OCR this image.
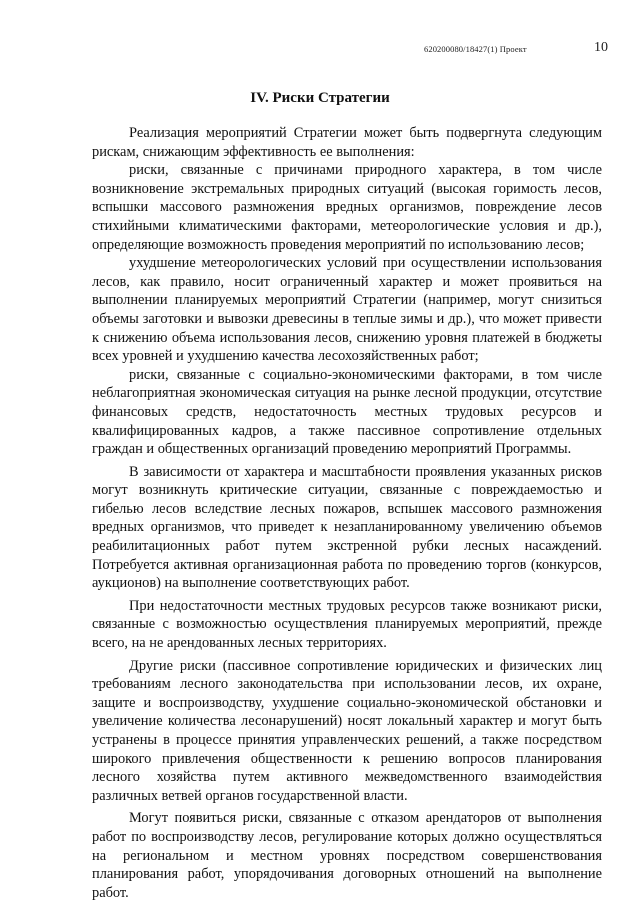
620200080/18427(1) Проект	10
IV. Риски Стратегии

Реализация мероприятий Стратегии может быть подвергнута следующим рискам, снижающим эффективность ее выполнения:

риски, связанные с причинами природного характера, в том числе возникновение экстремальных природных ситуаций (высокая горимость лесов, вспышки массового размножения вредных организмов, повреждение лесов стихийными климатическими факторами, метеорологические условия и др.), определяющие возможность проведения мероприятий по использованию лесов;

ухудшение метеорологических условий при осуществлении использования лесов, как правило, носит ограниченный характер и может проявиться на выполнении планируемых мероприятий Стратегии (например, могут снизиться объемы заготовки и вывозки древесины в теплые зимы и др.), что может привести к снижению объема использования лесов, снижению уровня платежей в бюджеты всех уровней и ухудшению качества лесохозяйственных работ;

риски, связанные с социально-экономическими факторами, в том числе неблагоприятная экономическая ситуация на рынке лесной продукции, отсутствие финансовых средств, недостаточность местных трудовых ресурсов и квалифицированных кадров, а также пассивное сопротивление отдельных граждан и общественных организаций проведению мероприятий Программы.

В зависимости от характера и масштабности проявления указанных рисков могут возникнуть критические ситуации, связанные с повреждаемостью и гибелью лесов вследствие лесных пожаров, вспышек массового размножения вредных организмов, что приведет к незапланированному увеличению объемов реабилитационных работ путем экстренной рубки лесных насаждений. Потребуется активная организационная работа по проведению торгов (конкурсов, аукционов) на выполнение соответствующих работ.

При недостаточности местных трудовых ресурсов также возникают риски, связанные с возможностью осуществления планируемых мероприятий, прежде всего, на не арендованных лесных территориях.

Другие риски (пассивное сопротивление юридических и физических лиц требованиям лесного законодательства при использовании лесов, их охране, защите и воспроизводству, ухудшение социально-экономической обстановки и увеличение количества лесонарушений) носят локальный характер и могут быть устранены в процессе принятия управленческих решений, а также посредством широкого привлечения общественности к решению вопросов планирования лесного хозяйства путем активного межведомственного взаимодействия различных ветвей органов государственной власти.

Могут появиться риски, связанные с отказом арендаторов от выполнения работ по воспроизводству лесов, регулирование которых должно осуществляться на региональном и местном уровнях посредством совершенствования планирования работ, упорядочивания договорных отношений на выполнение работ.
